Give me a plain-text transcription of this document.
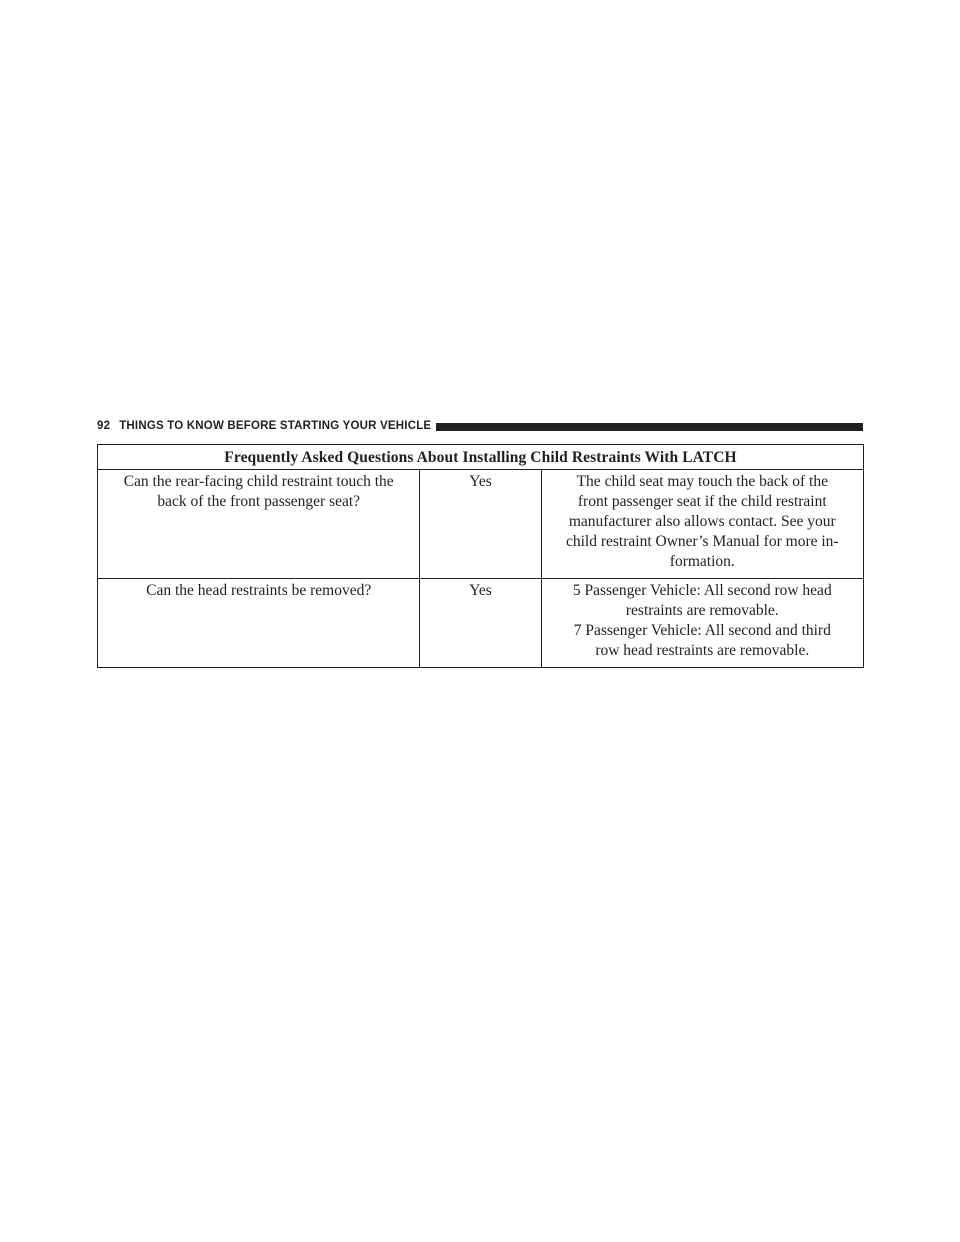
92 THINGS TO KNOW BEFORE STARTING YOUR VEHICLE
Frequently Asked Questions About Installing Child Restraints With LATCH		

Can the rear-facing child restraint touch the
back of the front passenger seat?	Yes	The child seat may touch the back of the
front passenger seat if the child restraint
manufacturer also allows contact. See your
child restraint Owner’s Manual for more in-
formation.

Can the head restraints be removed?	Yes	5 Passenger Vehicle: All second row head
restraints are removable.
7 Passenger Vehicle: All second and third
row head restraints are removable.
